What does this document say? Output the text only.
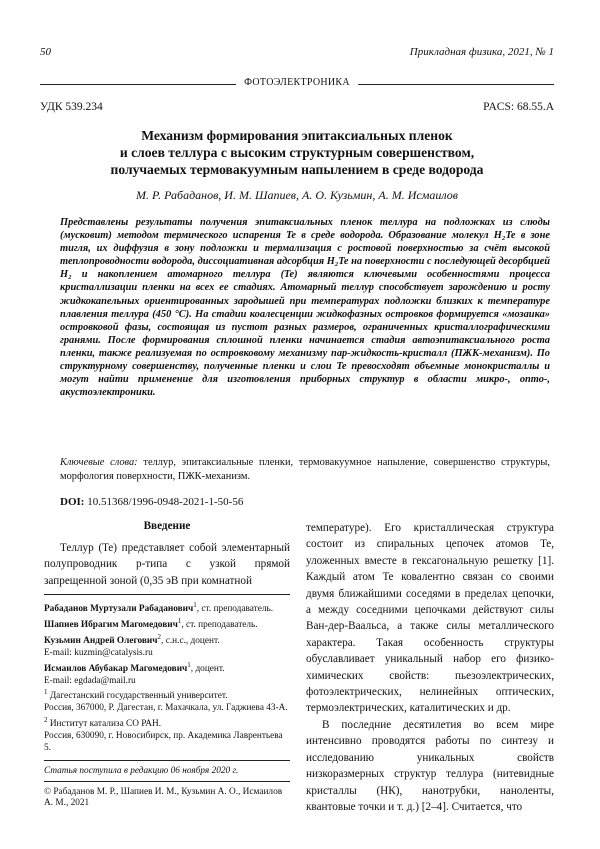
50	Прикладная физика, 2021, № 1
ФОТОЭЛЕКТРОНИКА
УДК 539.234	PACS: 68.55.A
Механизм формирования эпитаксиальных пленок
и слоев теллура с высоким структурным совершенством,
получаемых термовакуумным напылением в среде водорода
М. Р. Рабаданов, И. М. Шапиев, А. О. Кузьмин, А. М. Исмаилов
Представлены результаты получения эпитаксиальных пленок теллура на подложках из слюды (мусковит) методом термического испарения Te в среде водорода. Образование молекул H₂Te в зоне тигля, их диффузия в зону подложки и термализация с ростовой поверхностью за счёт высокой теплопроводности водорода, диссоциативная адсорбция H₂Te на поверхности с последующей десорбцией H₂ и накоплением атомарного теллура (Te) являются ключевыми особенностями процесса кристаллизации пленки на всех ее стадиях. Атомарный теллур способствует зарождению и росту жидкокапельных ориентированных зародышей при температурах подложки близких к температуре плавления теллура (450 °С). На стадии коалесценции жидкофазных островков формируется «мозаика» островковой фазы, состоящая из пустот разных размеров, ограниченных кристаллографическими гранями. После формирования сплошной пленки начинается стадия автоэпитаксиального роста пленки, также реализуемая по островковому механизму пар-жидкость-кристалл (ПЖК-механизм). По структурному совершенству, полученные пленки и слои Te превосходят объемные монокристаллы и могут найти применение для изготовления приборных структур в области микро-, опто-, акустоэлектроники.
Ключевые слова: теллур, эпитаксиальные пленки, термовакуумное напыление, совершенство структуры, морфология поверхности, ПЖК-механизм.
DOI: 10.51368/1996-0948-2021-1-50-56
Введение

Теллур (Te) представляет собой элементарный полупроводник p-типа с узкой прямой запрещенной зоной (0,35 эВ при комнатной

Рабаданов Муртузали Рабаданович$^1$, ст. преподаватель.
Шапиев Ибрагим Магомедович$^1$, ст. преподаватель.
Кузьмин Андрей Олегович$^2$, с.н.с., доцент.
E-mail: kuzmin@catalysis.ru
Исмаилов Абубакар Магомедович$^1$, доцент.
E-mail: egdada@mail.ru
$^1$ Дагестанский государственный университет.
Россия, 367000, Р. Дагестан, г. Махачкала, ул. Гаджиева 43-А.
$^2$ Институт катализа СО РАН.
Россия, 630090, г. Новосибирск, пр. Академика Лаврентьева 5.
Статья поступила в редакцию 06 ноября 2020 г.
© Рабаданов М. Р., Шапиев И. М., Кузьмин А. О., Исмаилов А. М., 2021

температуре). Его кристаллическая структура состоит из спиральных цепочек атомов Te, уложенных вместе в гексагональную решетку [1]. Каждый атом Te ковалентно связан со своими двумя ближайшими соседями в пределах цепочки, а между соседними цепочками действуют силы Ван-дер-Ваальса, а также силы металлического характера. Такая особенность структуры обуславливает уникальный набор его физико-химических свойств: пьезоэлектрических, фотоэлектрических, нелинейных оптических, термоэлектрических, каталитических и др.

В последние десятилетия во всем мире интенсивно проводятся работы по синтезу и исследованию уникальных свойств низкоразмерных структур теллура (нитевидные кристаллы (НК), нанотрубки, наноленты, квантовые точки и т. д.) [2–4]. Считается, что
